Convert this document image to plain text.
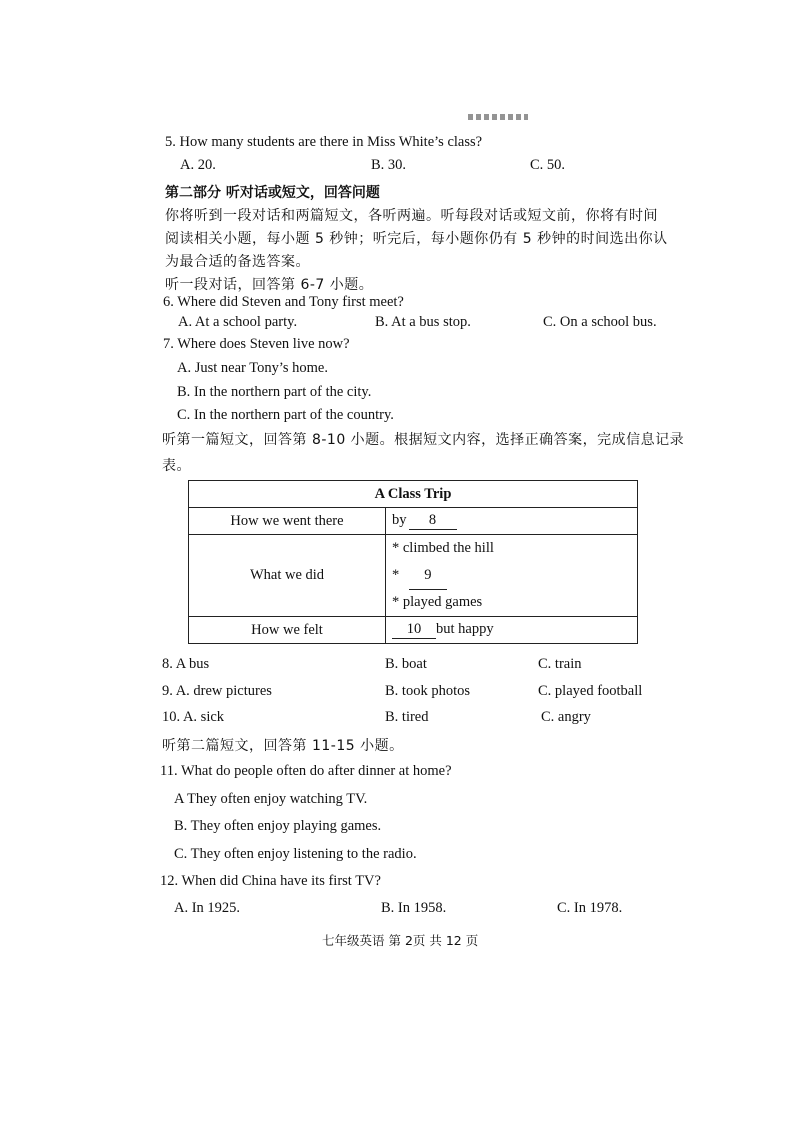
5. How many students are there in Miss White’s class?
A. 20.	B. 30.	C. 50.
第二部分 听对话或短文，回答问题
你将听到一段对话和两篇短文，各听两遍。听每段对话或短文前，你将有时间
阅读相关小题，每小题 5 秒钟；听完后，每小题你仍有 5 秒钟的时间选出你认
为最合适的备选答案。
听一段对话，回答第 6-7 小题。
6. Where did Steven and Tony first meet?
A. At a school party.	B. At a bus stop.	C. On a school bus.
7. Where does Steven live now?
A. Just near Tony’s home.
B. In the northern part of the city.
C. In the northern part of the country.
听第一篇短文，回答第 8-10 小题。根据短文内容，选择正确答案，完成信息记录
表。
A Class Trip	
How we went there	by 8
What we did	* climbed the hill
* 9
* played games

How we felt	10 but happy
8. A bus	B. boat	C. train
9. A. drew pictures	B. took photos	C. played football
10. A. sick	B. tired	C. angry
听第二篇短文，回答第 11-15 小题。
11. What do people often do after dinner at home?
A They often enjoy watching TV.
B. They often enjoy playing games.
C. They often enjoy listening to the radio.
12. When did China have its first TV?
A. In 1925.	B. In 1958.	C. In 1978.
七年级英语 第 2页 共 12 页
